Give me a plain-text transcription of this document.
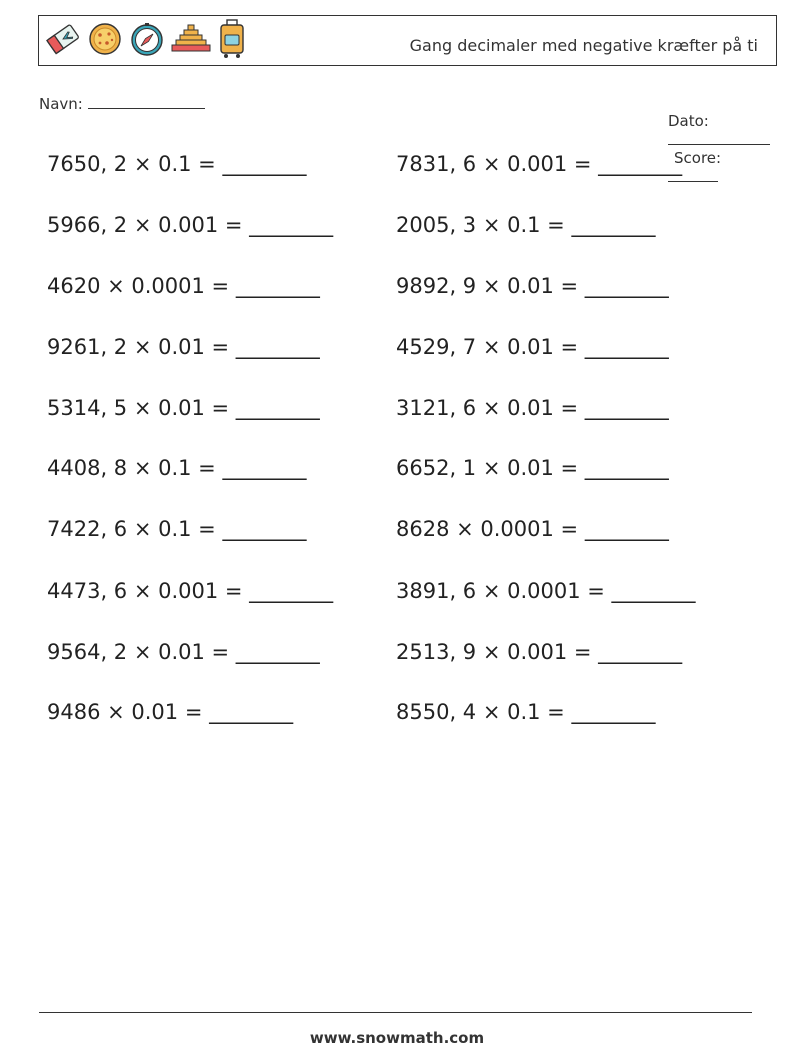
Gang decimaler med negative kræfter på ti
Navn:

Dato:

Score:

7650, 2 × 0.1 = ________	7831, 6 × 0.001 = ________
5966, 2 × 0.001 = ________	2005, 3 × 0.1 = ________
4620 × 0.0001 = ________	9892, 9 × 0.01 = ________
9261, 2 × 0.01 = ________	4529, 7 × 0.01 = ________
5314, 5 × 0.01 = ________	3121, 6 × 0.01 = ________
4408, 8 × 0.1 = ________	6652, 1 × 0.01 = ________
7422, 6 × 0.1 = ________	8628 × 0.0001 = ________
4473, 6 × 0.001 = ________	3891, 6 × 0.0001 = ________
9564, 2 × 0.01 = ________	2513, 9 × 0.001 = ________
9486 × 0.01 = ________	8550, 4 × 0.1 = ________
www.snowmath.com
